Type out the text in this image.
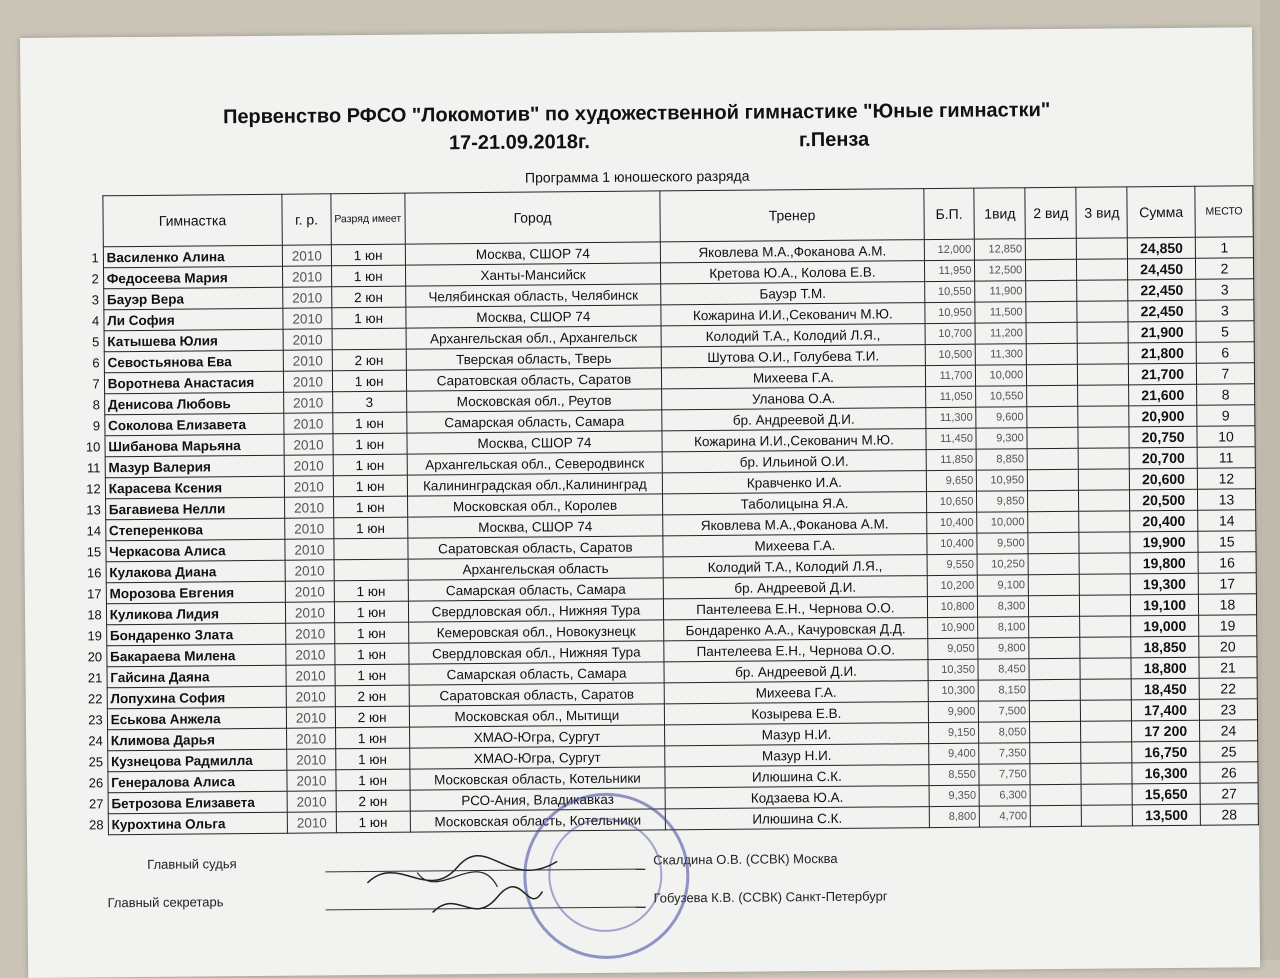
Первенство РФСО "Локомотив" по художественной гимнастике "Юные гимнастки"
17-21.09.2018г.	г.Пенза
Программа 1 юношеского разряда
	Гимнастка	г. р.	Разряд имеет	Город	Тренер	Б.П.	1вид	2 вид	3 вид	Сумма	МЕСТО
1	Василенко Алина	2010	1 юн	Москва, СШОР 74	Яковлева М.А.,Фоканова А.М.	12,000	12,850			24,850	1
2	Федосеева Мария	2010	1 юн	Ханты-Мансийск	Кретова Ю.А., Колова Е.В.	11,950	12,500			24,450	2
3	Бауэр Вера	2010	2 юн	Челябинская область, Челябинск	Бауэр Т.М.	10,550	11,900			22,450	3
4	Ли София	2010	1 юн	Москва, СШОР 74	Кожарина И.И.,Секованич М.Ю.	10,950	11,500			22,450	3
5	Катышева Юлия	2010		Архангельская обл., Архангельск	Колодий Т.А., Колодий Л.Я.,	10,700	11,200			21,900	5
6	Севостьянова Ева	2010	2 юн	Тверская область, Тверь	Шутова О.И., Голубева Т.И.	10,500	11,300			21,800	6
7	Воротнева Анастасия	2010	1 юн	Саратовская область, Саратов	Михеева Г.А.	11,700	10,000			21,700	7
8	Денисова Любовь	2010	3	Московская обл., Реутов	Уланова О.А.	11,050	10,550			21,600	8
9	Соколова Елизавета	2010	1 юн	Самарская область, Самара	бр. Андреевой Д.И.	11,300	9,600			20,900	9
10	Шибанова Марьяна	2010	1 юн	Москва, СШОР 74	Кожарина И.И.,Секованич М.Ю.	11,450	9,300			20,750	10
11	Мазур Валерия	2010	1 юн	Архангельская обл., Северодвинск	бр. Ильиной О.И.	11,850	8,850			20,700	11
12	Карасева Ксения	2010	1 юн	Калининградская обл.,Калининград	Кравченко И.А.	9,650	10,950			20,600	12
13	Багавиева Нелли	2010	1 юн	Московская обл., Королев	Таболицына Я.А.	10,650	9,850			20,500	13
14	Степеренкова	2010	1 юн	Москва, СШОР 74	Яковлева М.А.,Фоканова А.М.	10,400	10,000			20,400	14
15	Черкасова Алиса	2010		Саратовская область, Саратов	Михеева Г.А.	10,400	9,500			19,900	15
16	Кулакова Диана	2010		Архангельская область	Колодий Т.А., Колодий Л.Я.,	9,550	10,250			19,800	16
17	Морозова Евгения	2010	1 юн	Самарская область, Самара	бр. Андреевой Д.И.	10,200	9,100			19,300	17
18	Куликова Лидия	2010	1 юн	Свердловская обл., Нижняя Тура	Пантелеева Е.Н., Чернова О.О.	10,800	8,300			19,100	18
19	Бондаренко Злата	2010	1 юн	Кемеровская обл., Новокузнецк	Бондаренко А.А., Качуровская Д.Д.	10,900	8,100			19,000	19
20	Бакараева Милена	2010	1 юн	Свердловская обл., Нижняя Тура	Пантелеева Е.Н., Чернова О.О.	9,050	9,800			18,850	20
21	Гайсина Даяна	2010	1 юн	Самарская область, Самара	бр. Андреевой Д.И.	10,350	8,450			18,800	21
22	Лопухина София	2010	2 юн	Саратовская область, Саратов	Михеева Г.А.	10,300	8,150			18,450	22
23	Еськова Анжела	2010	2 юн	Московская обл., Мытищи	Козырева Е.В.	9,900	7,500			17,400	23
24	Климова Дарья	2010	1 юн	ХМАО-Югра, Сургут	Мазур Н.И.	9,150	8,050			17 200	24
25	Кузнецова Радмилла	2010	1 юн	ХМАО-Югра, Сургут	Мазур Н.И.	9,400	7,350			16,750	25
26	Генералова Алиса	2010	1 юн	Московская область, Котельники	Илюшина С.К.	8,550	7,750			16,300	26
27	Бетрозова Елизавета	2010	2 юн	РСО-Ания, Владикавказ	Кодзаева Ю.А.	9,350	6,300			15,650	27
28	Курохтина Ольга	2010	1 юн	Московская область, Котельники	Илюшина С.К.	8,800	4,700			13,500	28
Главный судья	Скалдина О.В. (ССВК) Москва
Главный секретарь	Гобузева К.В. (ССВК) Санкт-Петербург
